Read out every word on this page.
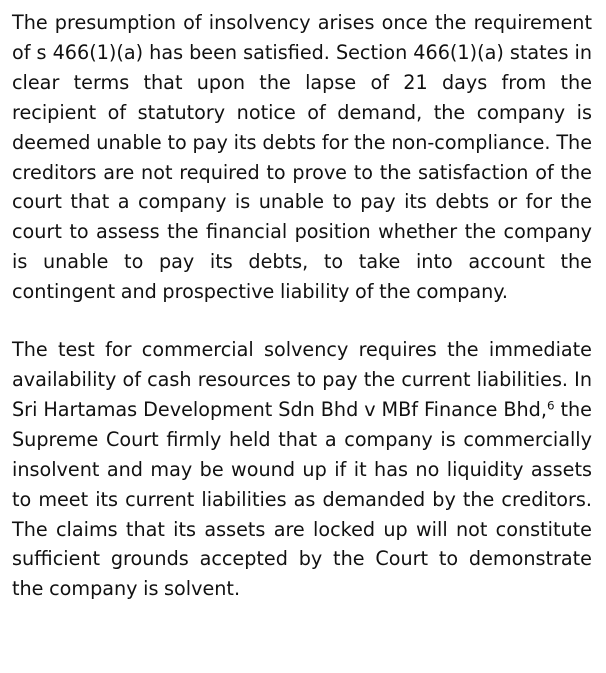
The presumption of insolvency arises once the requirement of s 466(1)(a) has been satisfied. Section 466(1)(a) states in clear terms that upon the lapse of 21 days from the recipient of statutory notice of demand, the company is deemed unable to pay its debts for the non-compliance. The creditors are not required to prove to the satisfaction of the court that a company is unable to pay its debts or for the court to assess the financial position whether the company is unable to pay its debts, to take into account the contingent and prospective liability of the company.

The test for commercial solvency requires the immediate availability of cash resources to pay the current liabilities. In Sri Hartamas Development Sdn Bhd v MBf Finance Bhd,$^6$ the Supreme Court firmly held that a company is commercially insolvent and may be wound up if it has no liquidity assets to meet its current liabilities as demanded by the creditors. The claims that its assets are locked up will not constitute sufficient grounds accepted by the Court to demonstrate the company is solvent.
